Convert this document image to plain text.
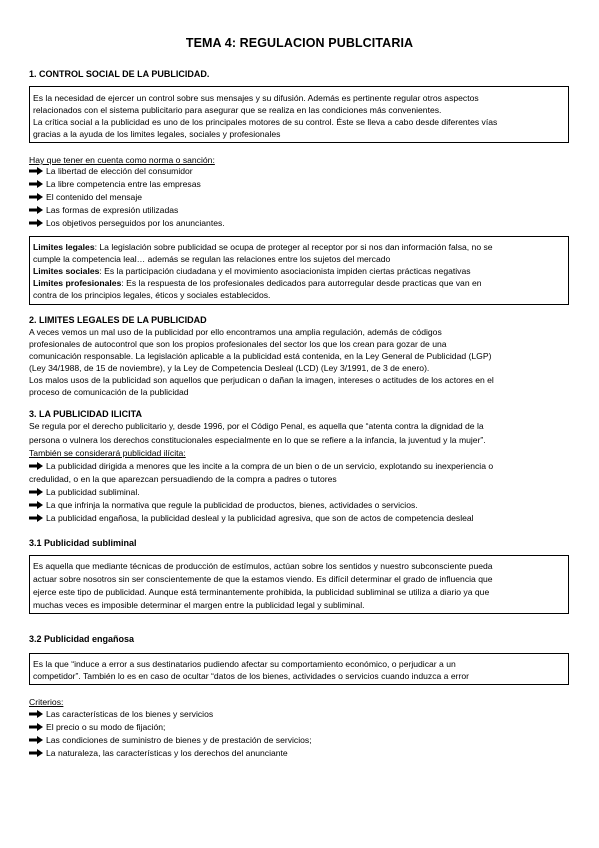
TEMA 4: REGULACION PUBLCITARIA
1. CONTROL SOCIAL DE LA PUBLICIDAD.
Es la necesidad de ejercer un control sobre sus mensajes y su difusión. Además es pertinente regular otros aspectos
relacionados con el sistema publicitario para asegurar que se realiza en las condiciones más convenientes.
La crítica social a la publicidad es uno de los principales motores de su control. Éste se lleva a cabo desde diferentes vías
gracias a la ayuda de los limites legales, sociales y profesionales
Hay que tener en cuenta como norma o sanción:
La libertad de elección del consumidor
La libre competencia entre las empresas
El contenido del mensaje
Las formas de expresión utilizadas
Los objetivos perseguidos por los anunciantes.
Limites legales: La legislación sobre publicidad se ocupa de proteger al receptor por si nos dan información falsa, no se
cumple la competencia leal… además se regulan las relaciones entre los sujetos del mercado
Limites sociales: Es la participación ciudadana y el movimiento asociacionista impiden ciertas prácticas negativas
Limites profesionales: Es la respuesta de los profesionales dedicados para autorregular desde practicas que van en
contra de los principios legales, éticos y sociales establecidos.
2. LIMITES LEGALES DE LA PUBLICIDAD
A veces vemos un mal uso de la publicidad por ello encontramos una amplia regulación, además de códigos
profesionales de autocontrol que son los propios profesionales del sector los que los crean para gozar de una
comunicación responsable. La legislación aplicable a la publicidad está contenida, en la Ley General de Publicidad (LGP)
(Ley 34/1988, de 15 de noviembre), y la Ley de Competencia Desleal (LCD) (Ley 3/1991, de 3 de enero).
Los malos usos de la publicidad son aquellos que perjudican o dañan la imagen, intereses o actitudes de los actores en el
proceso de comunicación de la publicidad
3. LA PUBLICIDAD ILICITA
Se regula por el derecho publicitario y, desde 1996, por el Código Penal, es aquella que “atenta contra la dignidad de la
persona o vulnera los derechos constitucionales especialmente en lo que se refiere a la infancia, la juventud y la mujer”.
También se considerará publicidad ilícita:
La publicidad dirigida a menores que les incite a la compra de un bien o de un servicio, explotando su inexperiencia o
credulidad, o en la que aparezcan persuadiendo de la compra a padres o tutores
La publicidad subliminal.
La que infrinja la normativa que regule la publicidad de productos, bienes, actividades o servicios.
La publicidad engañosa, la publicidad desleal y la publicidad agresiva, que son de actos de competencia desleal
3.1 Publicidad subliminal
Es aquella que mediante técnicas de producción de estímulos, actúan sobre los sentidos y nuestro subconsciente pueda
actuar sobre nosotros sin ser conscientemente de que la estamos viendo. Es difícil determinar el grado de influencia que
ejerce este tipo de publicidad. Aunque está terminantemente prohibida, la publicidad subliminal se utiliza a diario ya que
muchas veces es imposible determinar el margen entre la publicidad legal y subliminal.
3.2 Publicidad engañosa
Es la que “induce a error a sus destinatarios pudiendo afectar su comportamiento económico, o perjudicar a un
competidor”. También lo es en caso de ocultar “datos de los bienes, actividades o servicios cuando induzca a error
Criterios:
Las características de los bienes y servicios
El precio o su modo de fijación;
Las condiciones de suministro de bienes y de prestación de servicios;
La naturaleza, las características y los derechos del anunciante
